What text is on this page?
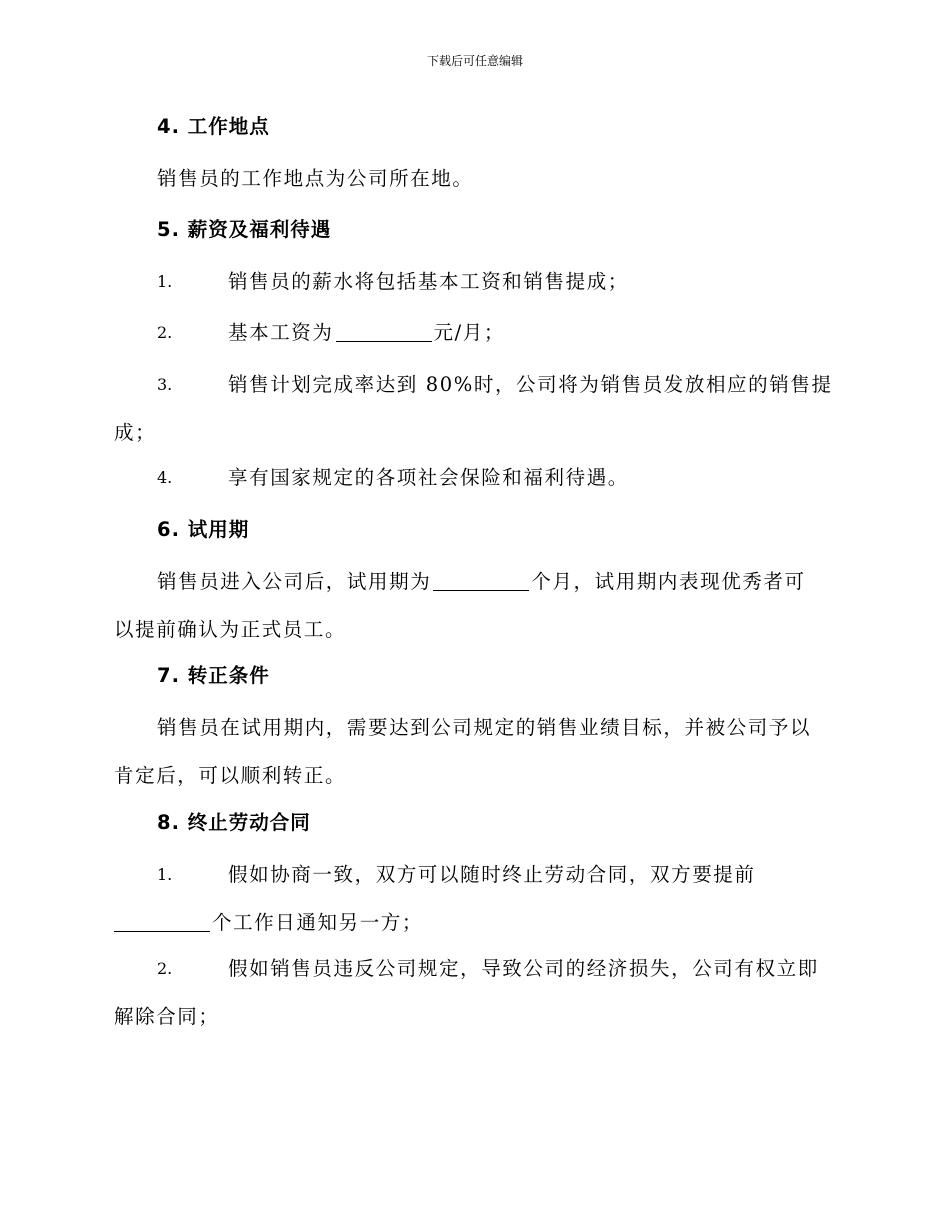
下载后可任意编辑
4. 工作地点
销售员的工作地点为公司所在地。
5. 薪资及福利待遇
1.	销售员的薪水将包括基本工资和销售提成；
2.	基本工资为	元/月；
3.	销售计划完成率达到 80%时，公司将为销售员发放相应的销售提
成；
4.	享有国家规定的各项社会保险和福利待遇。
6. 试用期
销售员进入公司后，试用期为	个月，试用期内表现优秀者可
以提前确认为正式员工。
7. 转正条件
销售员在试用期内，需要达到公司规定的销售业绩目标，并被公司予以
肯定后，可以顺利转正。
8. 终止劳动合同
1.	假如协商一致，双方可以随时终止劳动合同，双方要提前
个工作日通知另一方；
2.	假如销售员违反公司规定，导致公司的经济损失，公司有权立即
解除合同；
